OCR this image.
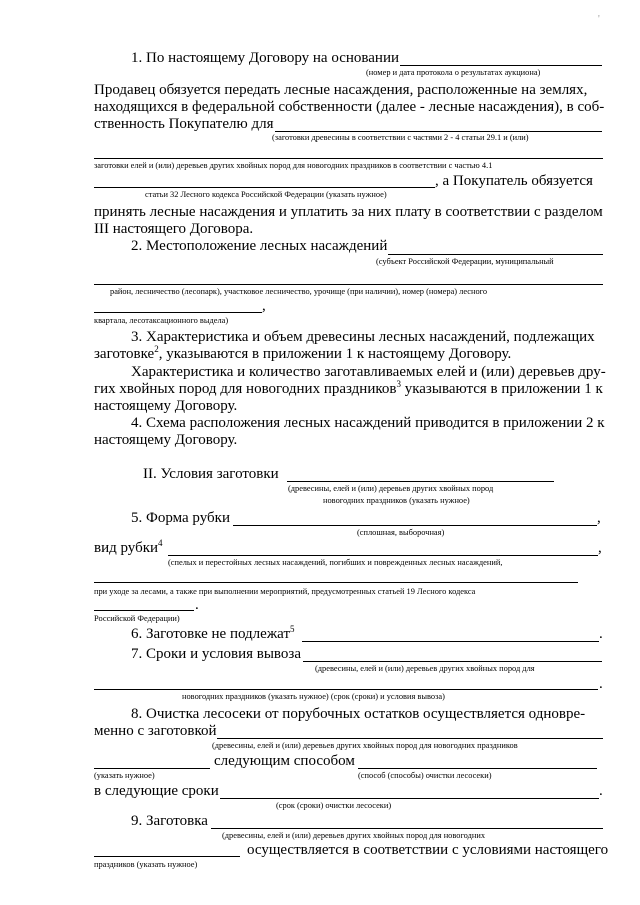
'
1. По настоящему Договору на основании
(номер и дата протокола о результатах аукциона)
Продавец обязуется передать лесные насаждения, расположенные на землях,
находящихся в федеральной собственности (далее - лесные насаждения), в соб-
ственность Покупателю для
(заготовки древесины в соответствии с частями 2 - 4 статьи 29.1 и (или)
заготовки елей и (или) деревьев других хвойных пород для новогодних праздников в соответствии с частью 4.1
, а Покупатель обязуется
статьи 32 Лесного кодекса Российской Федерации (указать нужное)
принять лесные насаждения и уплатить за них плату в соответствии с разделом
III настоящего Договора.
2. Местоположение лесных насаждений
(субъект Российской Федерации, муниципальный
район, лесничество (лесопарк), участковое лесничество, урочище (при наличии), номер (номера) лесного
,
квартала, лесотаксационного выдела)
3. Характеристика и объем древесины лесных насаждений, подлежащих
заготовке$^2$, указываются в приложении 1 к настоящему Договору.
Характеристика и количество заготавливаемых елей и (или) деревьев дру-
гих хвойных пород для новогодних праздников$^3$ указываются в приложении 1 к
настоящему Договору.
4. Схема расположения лесных насаждений приводится в приложении 2 к
настоящему Договору.
II. Условия заготовки
(древесины, елей и (или) деревьев других хвойных пород
новогодних праздников (указать нужное)
5. Форма рубки	,
(сплошная, выборочная)
вид рубки$^4$	,
(спелых и перестойных лесных насаждений, погибших и поврежденных лесных насаждений,
при уходе за лесами, а также при выполнении мероприятий, предусмотренных статьей 19 Лесного кодекса
.
Российской Федерации)
6. Заготовке не подлежат$^5$	.
7. Сроки и условия вывоза
(древесины, елей и (или) деревьев других хвойных пород для
.
новогодних праздников (указать нужное) (срок (сроки) и условия вывоза)
8. Очистка лесосеки от порубочных остатков осуществляется одновре-
менно с заготовкой
(древесины, елей и (или) деревьев других хвойных пород для новогодних праздников
следующим способом
(указать нужное)	(способ (способы) очистки лесосеки)
в следующие сроки	.
(срок (сроки) очистки лесосеки)
9. Заготовка
(древесины, елей и (или) деревьев других хвойных пород для новогодних
осуществляется в соответствии с условиями настоящего
праздников (указать нужное)
